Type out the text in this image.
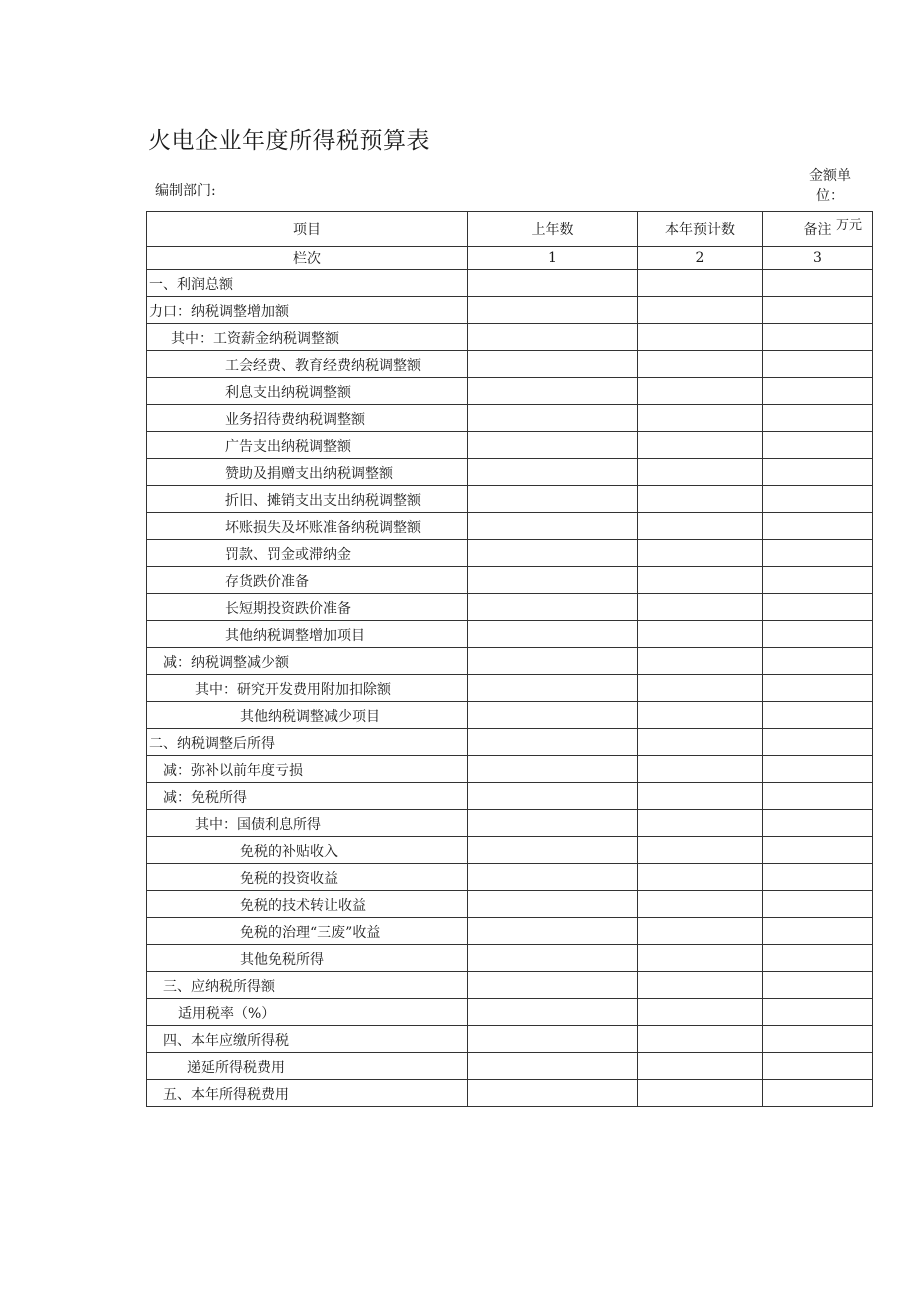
火电企业年度所得税预算表
编制部门:
金额单位：
万元
项目	上年数	本年预计数	备注
栏次	1	2	3
一、利润总额			
力口：纳税调整增加额			
其中：工资薪金纳税调整额			
工会经费、教育经费纳税调整额			
利息支出纳税调整额			
业务招待费纳税调整额			
广告支出纳税调整额			
赞助及捐赠支出纳税调整额			
折旧、摊销支出支出纳税调整额			
坏账损失及坏账准备纳税调整额			
罚款、罚金或滞纳金			
存货跌价准备			
长短期投资跌价准备			
其他纳税调整增加项目			
减：纳税调整减少额			
其中：研究开发费用附加扣除额			
其他纳税调整减少项目			
二、纳税调整后所得			
减：弥补以前年度亏损			
减：免税所得			
其中：国债利息所得			
免税的补贴收入			
免税的投资收益			
免税的技术转让收益			
免税的治理“三废”收益			
其他免税所得			
三、应纳税所得额			
适用税率（%）			
四、本年应缴所得税			
递延所得税费用			
五、本年所得税费用			
